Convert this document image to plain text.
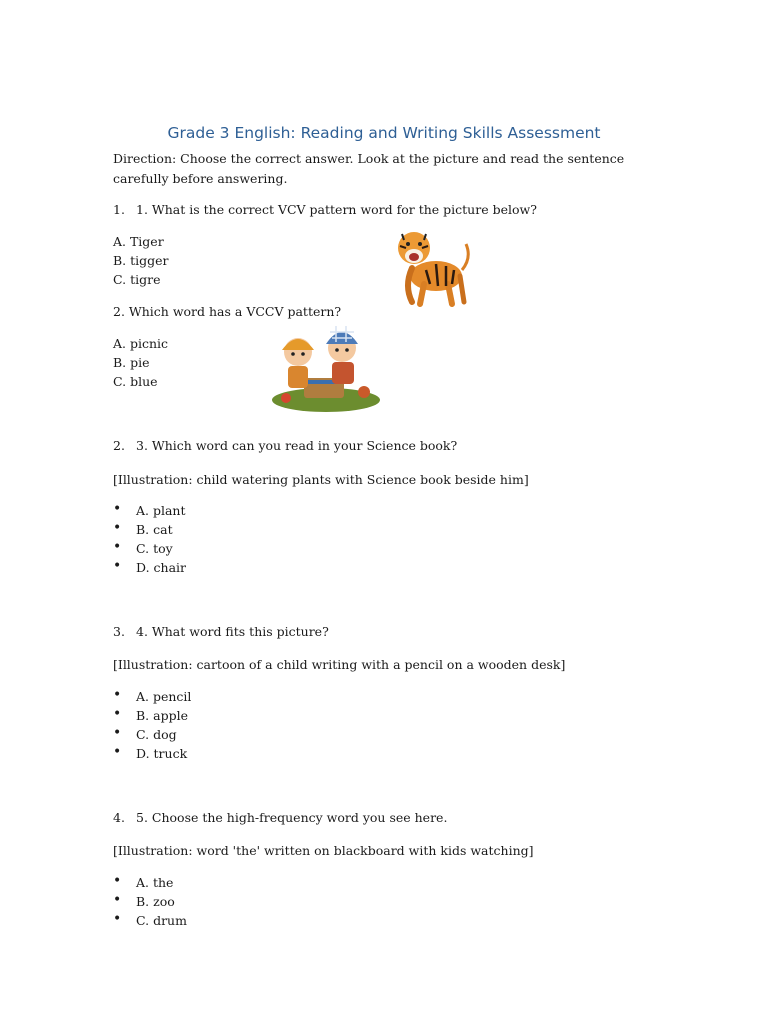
Grade 3 English: Reading and Writing Skills Assessment
Direction: Choose the correct answer. Look at the picture and read the sentence carefully before answering.
1. 1. What is the correct VCV pattern word for the picture below?
A. Tiger
B. tigger
C. tigre
2. Which word has a VCCV pattern?
A. picnic
B. pie
C. blue
2. 3. Which word can you read in your Science book?
[Illustration: child watering plants with Science book beside him]
• A. plant
• B. cat
• C. toy
• D. chair
3. 4. What word fits this picture?
[Illustration: cartoon of a child writing with a pencil on a wooden desk]
• A. pencil
• B. apple
• C. dog
• D. truck
4. 5. Choose the high-frequency word you see here.
[Illustration: word 'the' written on blackboard with kids watching]
• A. the
• B. zoo
• C. drum
